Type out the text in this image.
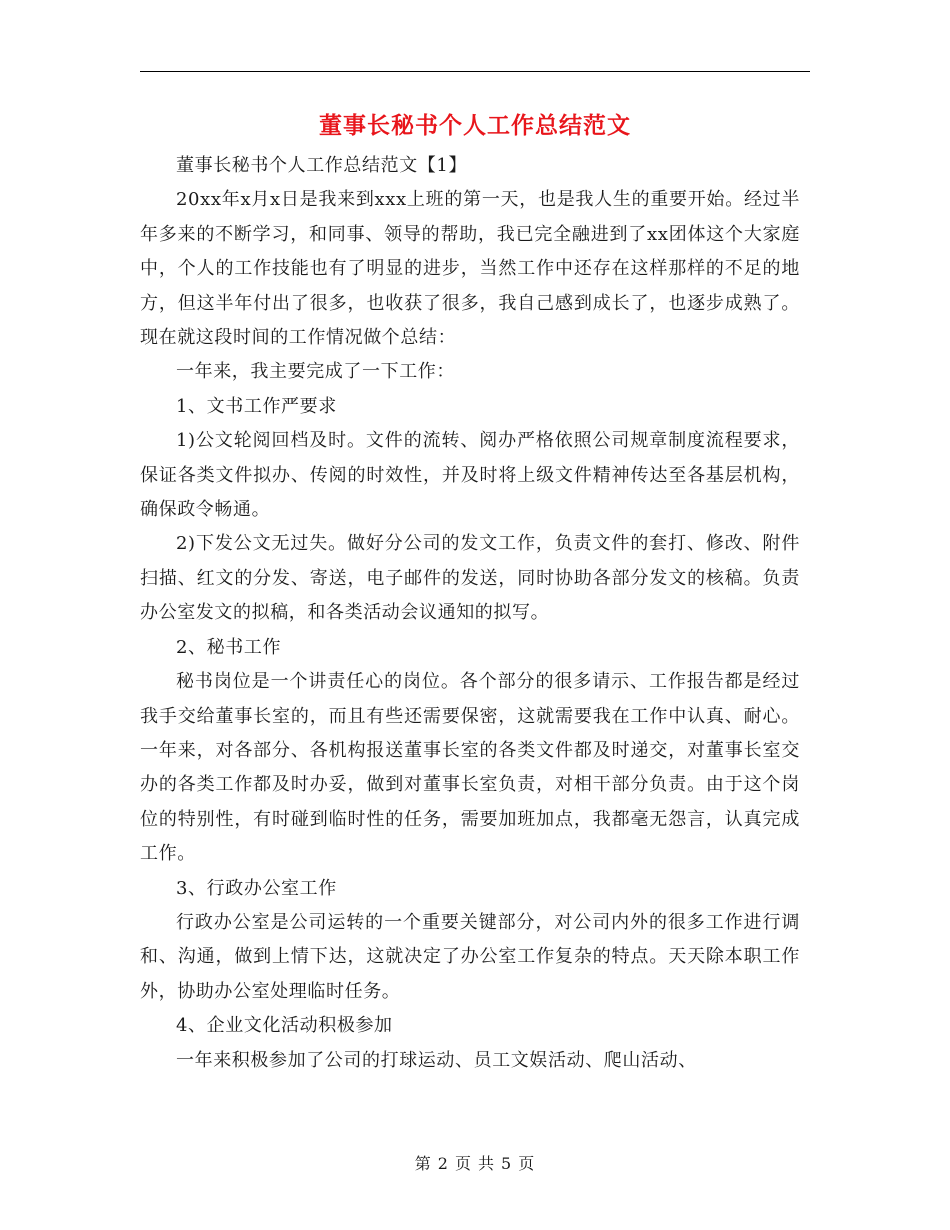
董事长秘书个人工作总结范文

董事长秘书个人工作总结范文【1】

20xx年x月x日是我来到xxx上班的第一天，也是我人生的重要开始。经过半年多来的不断学习，和同事、领导的帮助，我已完全融进到了xx团体这个大家庭中，个人的工作技能也有了明显的进步，当然工作中还存在这样那样的不足的地方，但这半年付出了很多，也收获了很多，我自己感到成长了，也逐步成熟了。现在就这段时间的工作情况做个总结：

一年来，我主要完成了一下工作：

1、文书工作严要求

1)公文轮阅回档及时。文件的流转、阅办严格依照公司规章制度流程要求，保证各类文件拟办、传阅的时效性，并及时将上级文件精神传达至各基层机构，确保政令畅通。

2)下发公文无过失。做好分公司的发文工作，负责文件的套打、修改、附件扫描、红文的分发、寄送，电子邮件的发送，同时协助各部分发文的核稿。负责办公室发文的拟稿，和各类活动会议通知的拟写。

2、秘书工作

秘书岗位是一个讲责任心的岗位。各个部分的很多请示、工作报告都是经过我手交给董事长室的，而且有些还需要保密，这就需要我在工作中认真、耐心。一年来，对各部分、各机构报送董事长室的各类文件都及时递交，对董事长室交办的各类工作都及时办妥，做到对董事长室负责，对相干部分负责。由于这个岗位的特别性，有时碰到临时性的任务，需要加班加点，我都毫无怨言，认真完成工作。

3、行政办公室工作

行政办公室是公司运转的一个重要关键部分，对公司内外的很多工作进行调和、沟通，做到上情下达，这就决定了办公室工作复杂的特点。天天除本职工作外，协助办公室处理临时任务。

4、企业文化活动积极参加

一年来积极参加了公司的打球运动、员工文娱活动、爬山活动、

第 2 页 共 5 页
